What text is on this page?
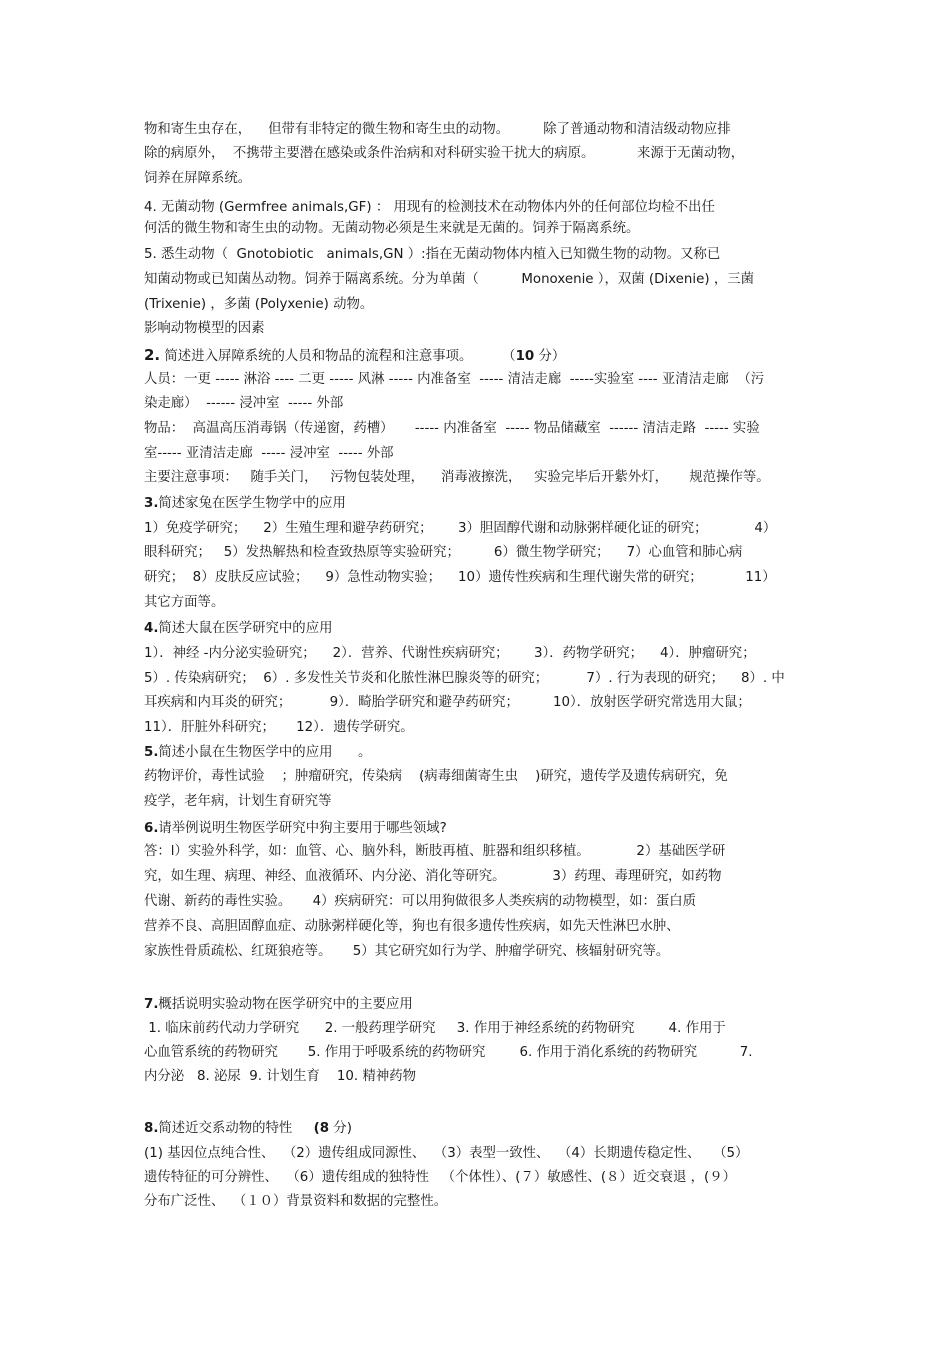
物和寄生虫存在，    但带有非特定的微生物和寄生虫的动物。        除了普通动物和清洁级动物应排
除的病原外，  不携带主要潜在感染或条件治病和对科研实验干扰大的病原。          来源于无菌动物，
饲养在屏障系统。
4. 无菌动物 (Germfree animals,GF) ： 用现有的检测技术在动物体内外的任何部位均检不出任
何活的微生物和寄生虫的动物。无菌动物必须是生来就是无菌的。饲养于隔离系统。
5. 悉生动物（  Gnotobiotic   animals,GN ）:指在无菌动物体内植入已知微生物的动物。又称已
知菌动物或已知菌丛动物。饲养于隔离系统。分为单菌（          Monoxenie ），双菌 (Dixenie) ，三菌
(Trixenie) ，多菌 (Polyxenie) 动物。
影响动物模型的因素
2. 简述进入屏障系统的人员和物品的流程和注意事项。       （10 分）
人员：一更 ----- 淋浴 ---- 二更 ----- 风淋 ----- 内准备室  ----- 清洁走廊  -----实验室 ---- 亚清洁走廊  （污
染走廊）  ------ 浸冲室  ----- 外部
物品：  高温高压消毒锅（传递窗，药槽）     ----- 内准备室  ----- 物品储藏室  ------ 清洁走路  ----- 实验
室----- 亚清洁走廊  ----- 浸冲室  ----- 外部
主要注意事项：   随手关门，   污物包装处理，    消毒液擦洗，   实验完毕后开紫外灯，     规范操作等。
3.简述家兔在医学生物学中的应用
1）免疫学研究；    2）生殖生理和避孕药研究；      3）胆固醇代谢和动脉粥样硬化证的研究；           4）
眼科研究；   5）发热解热和检查致热原等实验研究；        6）微生物学研究；    7）心血管和肺心病
研究；  8）皮肤反应试验；    9）急性动物实验；    10）遗传性疾病和生理代谢失常的研究；          11）
其它方面等。
4.简述大鼠在医学研究中的应用
1）．神经 -内分泌实验研究；    2）．营养、代谢性疾病研究；      3）．药物学研究；    4）．肿瘤研究；
5）. 传染病研究；  6）. 多发性关节炎和化脓性淋巴腺炎等的研究；         7）. 行为表现的研究；    8）. 中
耳疾病和内耳炎的研究；         9）．畸胎学研究和避孕药研究；        10）．放射医学研究常选用大鼠；
11）．肝脏外科研究；     12）．遗传学研究。
5.简述小鼠在生物医学中的应用      。
药物评价，毒性试验    ；肿瘤研究，传染病    (病毒细菌寄生虫    )研究，遗传学及遗传病研究，免
疫学，老年病，计划生育研究等
6.请举例说明生物医学研究中狗主要用于哪些领域?
答：l）实验外科学，如：血管、心、脑外科，断肢再植、脏器和组织移植。           2）基础医学研
究，如生理、病理、神经、血液循环、内分泌、消化等研究。           3）药理、毒理研究，如药物
代谢、新药的毒性实验。     4）疾病研究：可以用狗做很多人类疾病的动物模型，如：蛋白质
营养不良、高胆固醇血症、动脉粥样硬化等，狗也有很多遗传性疾病，如先天性淋巴水肿、
家族性骨质疏松、红斑狼疮等。     5）其它研究如行为学、肿瘤学研究、核辐射研究等。
7.概括说明实验动物在医学研究中的主要应用
1. 临床前药代动力学研究      2. 一般药理学研究     3. 作用于神经系统的药物研究        4. 作用于
心血管系统的药物研究       5. 作用于呼吸系统的药物研究        6. 作用于消化系统的药物研究          7.
内分泌   8. 泌尿  9. 计划生育    10. 精神药物
8.简述近交系动物的特性     (8 分)
(1) 基因位点纯合性、  （2）遗传组成同源性、  （3）表型一致性、  （4）长期遗传稳定性、   （5）
遗传特征的可分辨性、  （6）遗传组成的独特性   （个体性）、(７）敏感性、(８）近交衰退 ，(９）
分布广泛性、  （１０）背景资料和数据的完整性。
